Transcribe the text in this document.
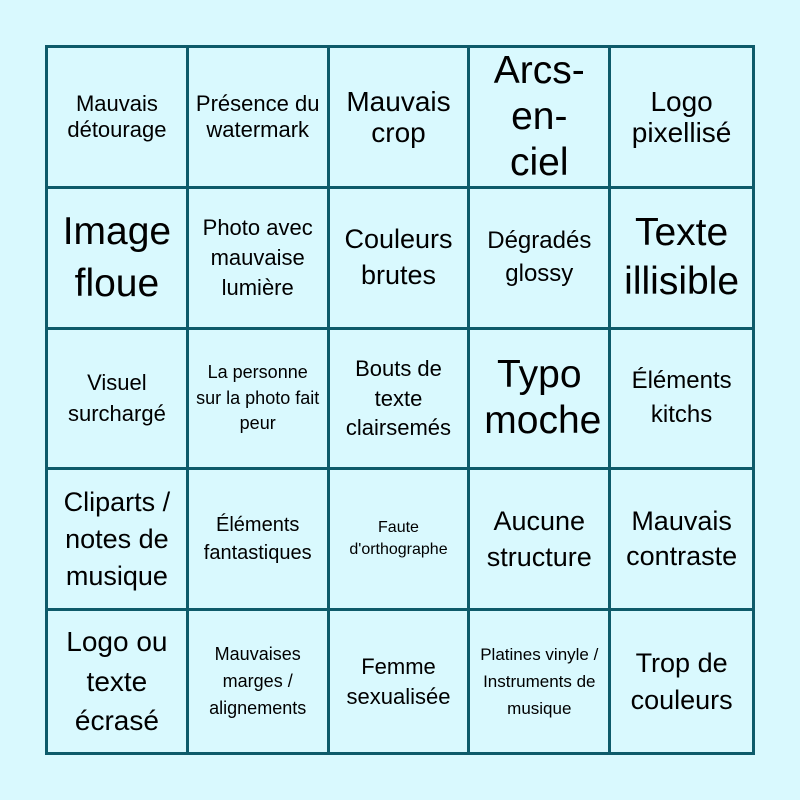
Mauvais détourage
Présence du watermark
Mauvais crop
Arcs-en-ciel
Logo pixellisé
Image floue
Photo avec mauvaise lumière
Couleurs brutes
Dégradés glossy
Texte illisible
Visuel surchargé
La personne sur la photo fait peur
Bouts de texte clairsemés
Typo moche
Éléments kitchs
Cliparts / notes de musique
Éléments fantastiques
Faute d'orthographe
Aucune structure
Mauvais contraste
Logo ou texte écrasé
Mauvaises marges / alignements
Femme sexualisée
Platines vinyle / Instruments de musique
Trop de couleurs
